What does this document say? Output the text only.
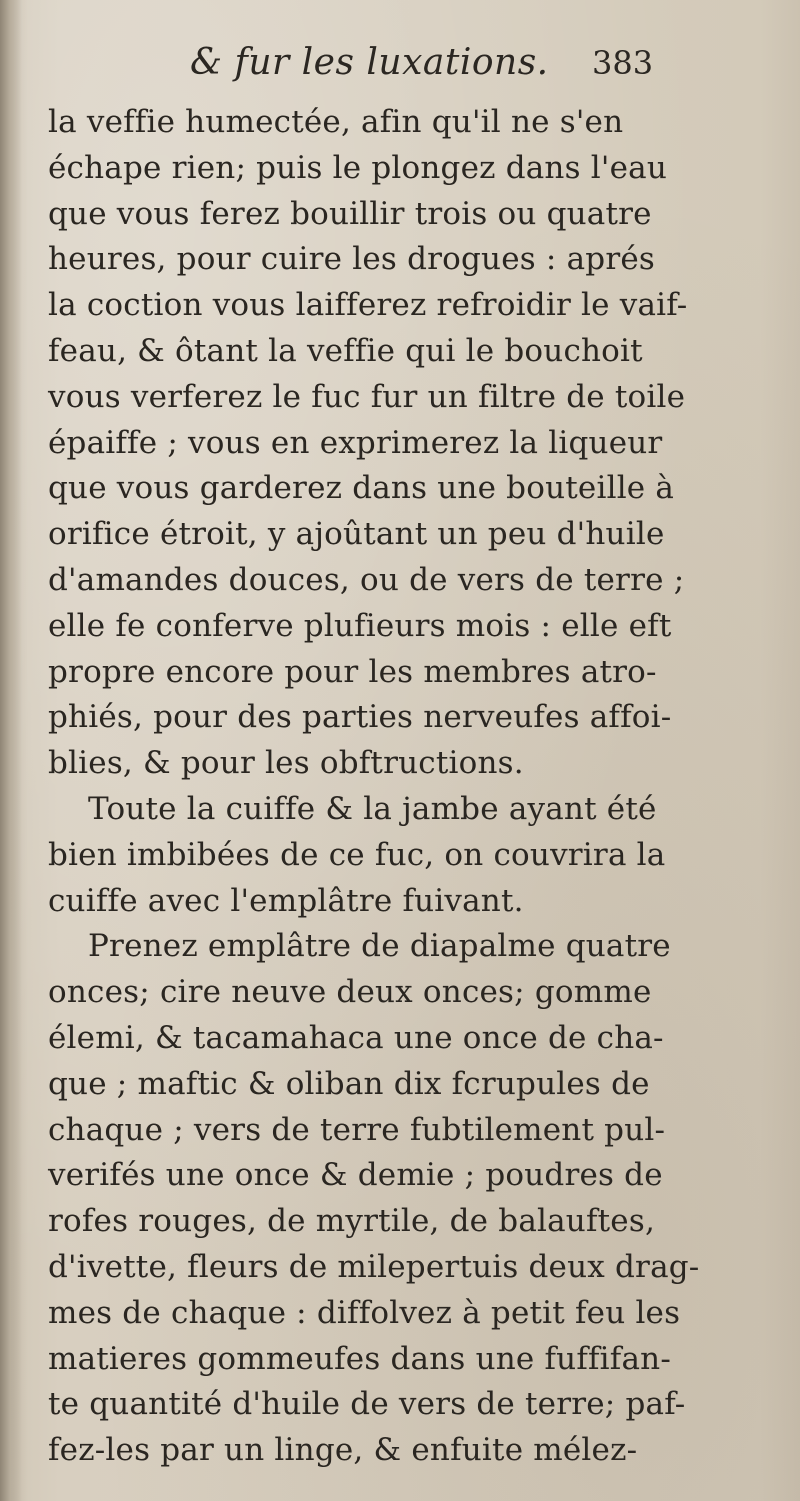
& fur les luxations. 383
la veffie humectée, afin qu'il ne s'en
échape rien; puis le plongez dans l'eau
que vous ferez bouillir trois ou quatre
heures, pour cuire les drogues : aprés
la coction vous laifferez refroidir le vaif-
feau, & ôtant la veffie qui le bouchoit
vous verferez le fuc fur un filtre de toile
épaiffe ; vous en exprimerez la liqueur
que vous garderez dans une bouteille à
orifice étroit, y ajoûtant un peu d'huile
d'amandes douces, ou de vers de terre ;
elle fe conferve plufieurs mois : elle eft
propre encore pour les membres atro-
phiés, pour des parties nerveufes affoi-
blies, & pour les obftructions.
Toute la cuiffe & la jambe ayant été
bien imbibées de ce fuc, on couvrira la
cuiffe avec l'emplâtre fuivant.
Prenez emplâtre de diapalme quatre
onces; cire neuve deux onces; gomme
élemi, & tacamahaca une once de cha-
que ; maftic & oliban dix fcrupules de
chaque ; vers de terre fubtilement pul-
verifés une once & demie ; poudres de
rofes rouges, de myrtile, de balauftes,
d'ivette, fleurs de milepertuis deux drag-
mes de chaque : diffolvez à petit feu les
matieres gommeufes dans une fuffifan-
te quantité d'huile de vers de terre; paf-
fez-les par un linge, & enfuite mélez-
